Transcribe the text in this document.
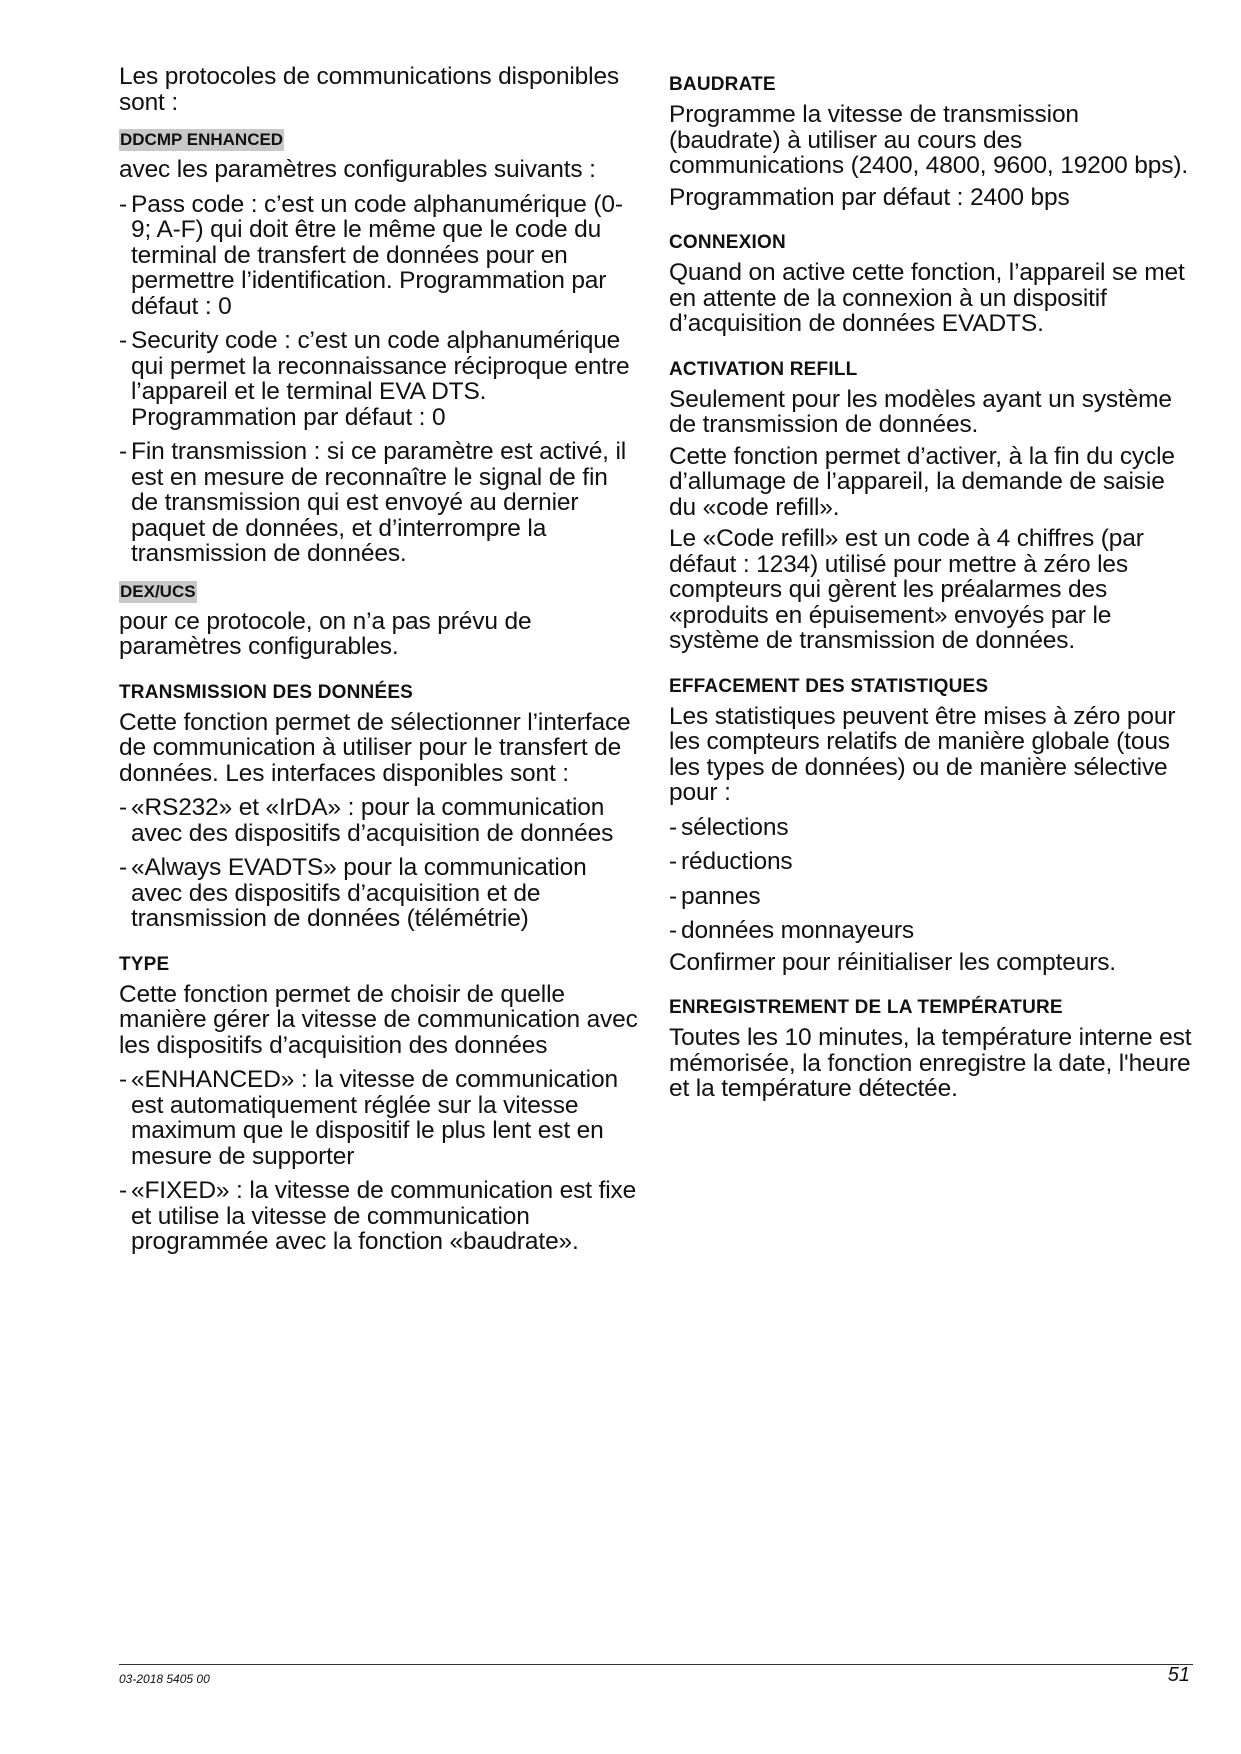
Les protocoles de communications disponibles sont :

DDCMP ENHANCED

avec les paramètres configurables suivants :

- Pass code : c’est un code alphanumérique (0-9; A-F) qui doit être le même que le code du terminal de transfert de données pour en permettre l’identification. Programmation par défaut : 0
- Security code : c’est un code alphanumérique qui permet la reconnaissance réciproque entre l’appareil et le terminal EVA DTS. Programmation par défaut : 0
- Fin transmission : si ce paramètre est activé, il est en mesure de reconnaître le signal de fin de transmission qui est envoyé au dernier paquet de données, et d’interrompre la transmission de données.
DEX/UCS

pour ce protocole, on n’a pas prévu de paramètres configurables.

TRANSMISSION DES DONNÉES

Cette fonction permet de sélectionner l’interface de communication à utiliser pour le transfert de données. Les interfaces disponibles sont :

- «RS232» et «IrDA» : pour la communication avec des dispositifs d’acquisition de données
- «Always EVADTS» pour la communication avec des dispositifs d’acquisition et de transmission de données (télémétrie)
TYPE

Cette fonction permet de choisir de quelle manière gérer la vitesse de communication avec les dispositifs d’acquisition des données

- «ENHANCED» : la vitesse de communication est automatiquement réglée sur la vitesse maximum que le dispositif le plus lent est en mesure de supporter
- «FIXED» : la vitesse de communication est fixe et utilise la vitesse de communication programmée avec la fonction «baudrate».
BAUDRATE

Programme la vitesse de transmission (baudrate) à utiliser au cours des communications (2400, 4800, 9600, 19200 bps).

Programmation par défaut : 2400 bps

CONNEXION

Quand on active cette fonction, l’appareil se met en attente de la connexion à un dispositif d’acquisition de données EVADTS.

ACTIVATION REFILL

Seulement pour les modèles ayant un système de transmission de données.

Cette fonction permet d’activer, à la fin du cycle d’allumage de l’appareil, la demande de saisie du «code refill».

Le «Code refill» est un code à 4 chiffres (par défaut : 1234) utilisé pour mettre à zéro les compteurs qui gèrent les préalarmes des «produits en épuisement» envoyés par le système de transmission de données.

EFFACEMENT DES STATISTIQUES

Les statistiques peuvent être mises à zéro pour les compteurs relatifs de manière globale (tous les types de données) ou de manière sélective pour :

- sélections
- réductions
- pannes
- données monnayeurs

Confirmer pour réinitialiser les compteurs.

ENREGISTREMENT DE LA TEMPÉRATURE

Toutes les 10 minutes, la température interne est mémorisée, la fonction enregistre la date, l'heure et la température détectée.

03-2018 5405 00	51
